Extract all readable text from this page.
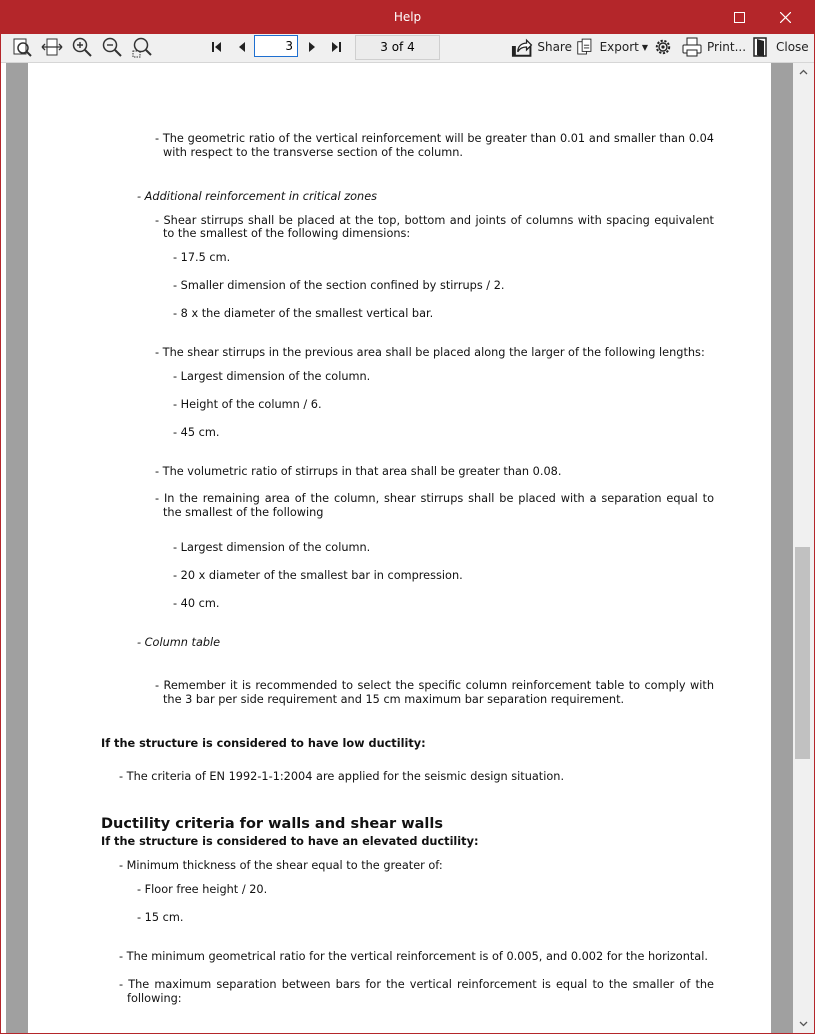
Help
Share Export ▼	Print... Close
3	3 of 4
- The geometric ratio of the vertical reinforcement will be greater than 0.01 and smaller than 0.04
with respect to the transverse section of the column.
- Additional reinforcement in critical zones
- Shear stirrups shall be placed at the top, bottom and joints of columns with spacing equivalent
to the smallest of the following dimensions:
- 17.5 cm.
- Smaller dimension of the section confined by stirrups / 2.
- 8 x the diameter of the smallest vertical bar.
- The shear stirrups in the previous area shall be placed along the larger of the following lengths:
- Largest dimension of the column.
- Height of the column / 6.
- 45 cm.
- The volumetric ratio of stirrups in that area shall be greater than 0.08.
- In the remaining area of the column, shear stirrups shall be placed with a separation equal to
the smallest of the following
- Largest dimension of the column.
- 20 x diameter of the smallest bar in compression.
- 40 cm.
- Column table
- Remember it is recommended to select the specific column reinforcement table to comply with
the 3 bar per side requirement and 15 cm maximum bar separation requirement.
If the structure is considered to have low ductility:
- The criteria of EN 1992-1-1:2004 are applied for the seismic design situation.
Ductility criteria for walls and shear walls
If the structure is considered to have an elevated ductility:
- Minimum thickness of the shear equal to the greater of:
- Floor free height / 20.
- 15 cm.
- The minimum geometrical ratio for the vertical reinforcement is of 0.005, and 0.002 for the horizontal.
- The maximum separation between bars for the vertical reinforcement is equal to the smaller of the
following:
